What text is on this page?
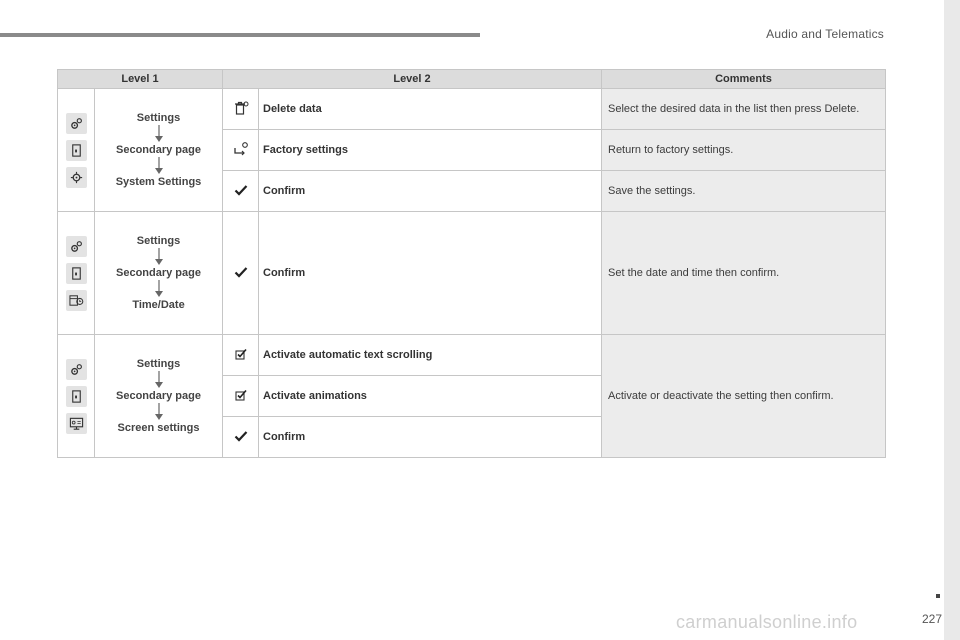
Audio and Telematics
Level 1		Level 2		Comments

Settings
Secondary page
System Settings		Delete data	Select the desired data in the list then press Delete.

	Factory settings	Return to factory settings.

	Confirm	Save the settings.

Settings
Secondary page
Time/Date		Confirm	Set the date and time then confirm.

Settings
Secondary page
Screen settings		Activate automatic text scrolling	Activate or deactivate the setting then confirm.

	Activate animations	

	Confirm	
carmanualsonline.info	227
